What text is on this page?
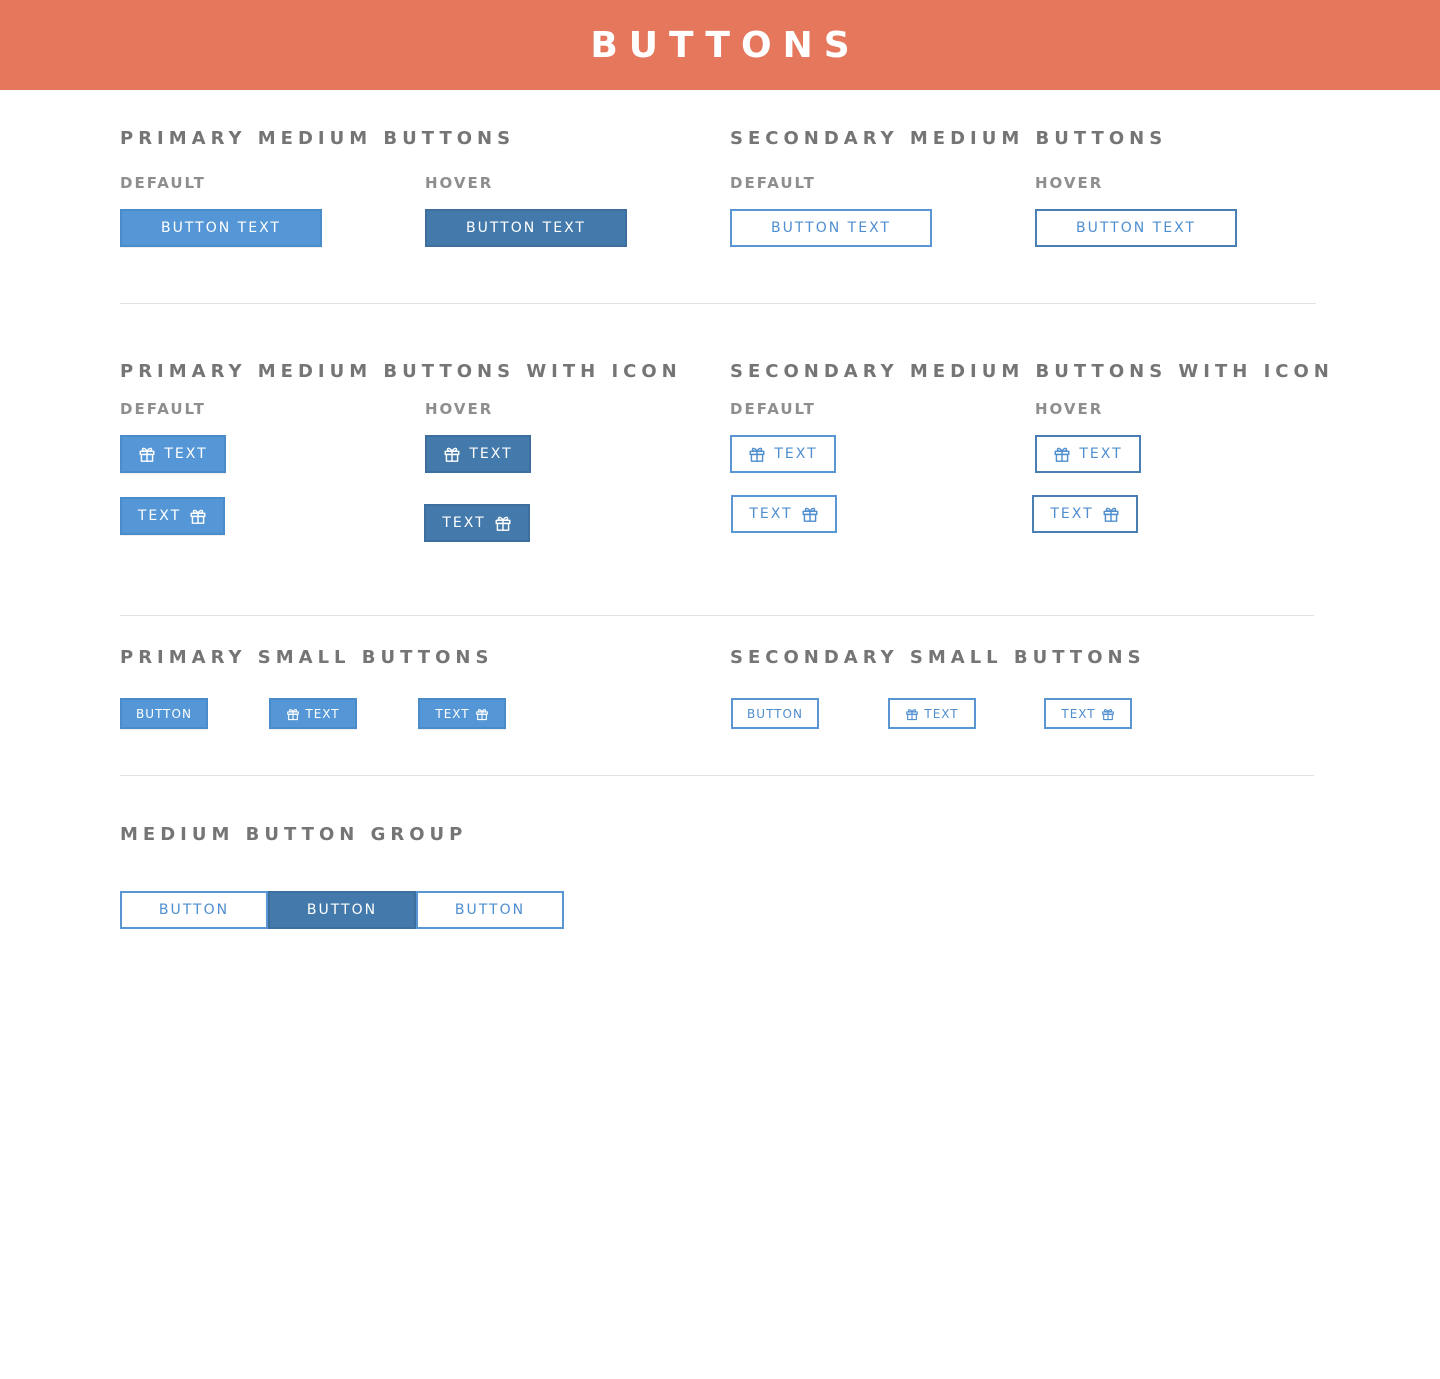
BUTTONS
PRIMARY MEDIUM BUTTONS
DEFAULT	HOVER
BUTTON TEXT	BUTTON TEXT
SECONDARY MEDIUM BUTTONS
DEFAULT	HOVER
BUTTON TEXT	BUTTON TEXT
PRIMARY MEDIUM BUTTONS WITH ICON
DEFAULT	HOVER
TEXT
TEXT
TEXT
TEXT
SECONDARY MEDIUM BUTTONS WITH ICON
DEFAULT	HOVER
TEXT
TEXT
TEXT
TEXT
PRIMARY SMALL BUTTONS
BUTTON	TEXT	TEXT
SECONDARY SMALL BUTTONS
BUTTON	TEXT	TEXT
MEDIUM BUTTON GROUP
BUTTON	BUTTON	BUTTON
